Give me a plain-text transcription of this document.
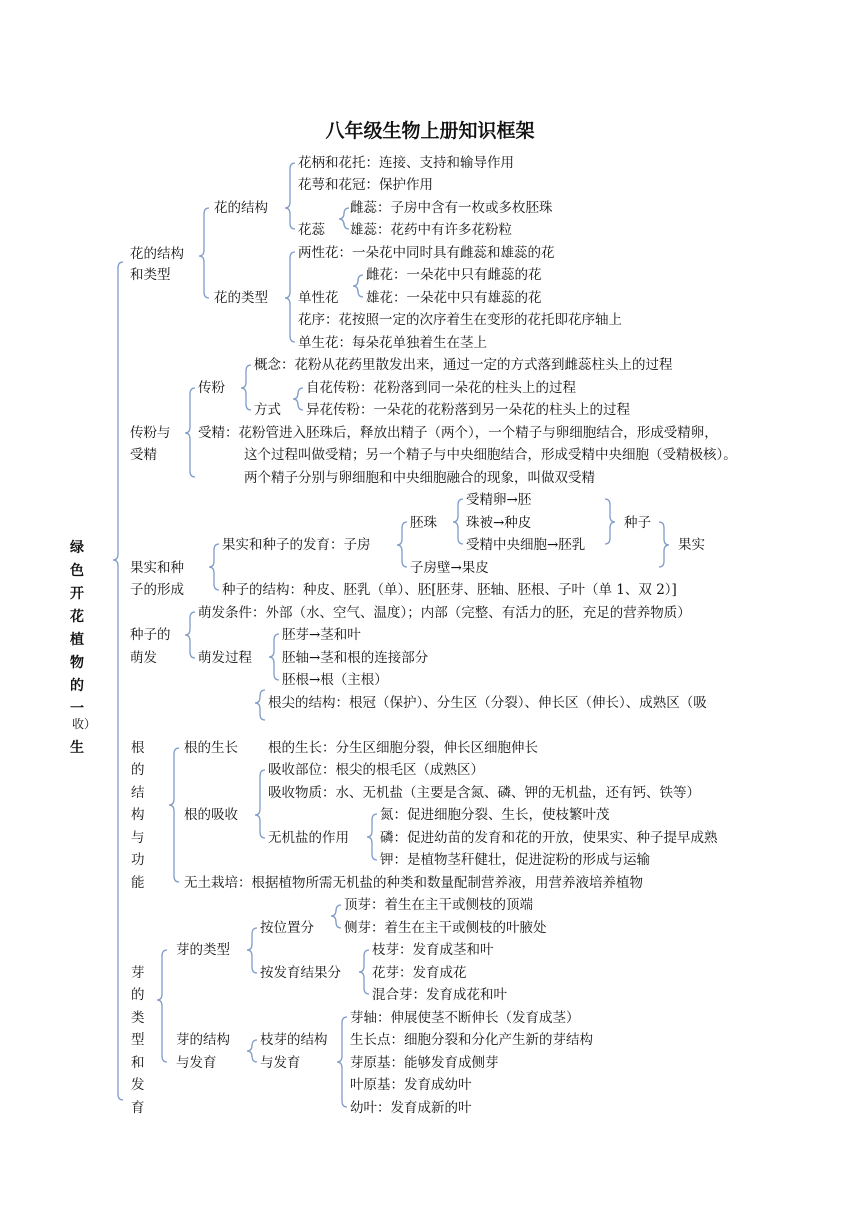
八年级生物上册知识框架
绿
色
开
花
植
物
的
一
收）
生
花的结构
和类型
花的结构
花柄和花托：连接、支持和输导作用
花萼和花冠：保护作用
花蕊
雌蕊：子房中含有一枚或多枚胚珠
雄蕊：花药中有许多花粉粒
花的类型
两性花：一朵花中同时具有雌蕊和雄蕊的花
单性花
雌花：一朵花中只有雌蕊的花
雄花：一朵花中只有雄蕊的花
花序：花按照一定的次序着生在变形的花托即花序轴上
单生花：每朵花单独着生在茎上
传粉与
受精
传粉
概念：花粉从花药里散发出来，通过一定的方式落到雌蕊柱头上的过程
方式
自花传粉：花粉落到同一朵花的柱头上的过程
异花传粉：一朵花的花粉落到另一朵花的柱头上的过程
受精：花粉管进入胚珠后，释放出精子（两个），一个精子与卵细胞结合，形成受精卵，
这个过程叫做受精；另一个精子与中央细胞结合，形成受精中央细胞（受精极核）。
两个精子分别与卵细胞和中央细胞融合的现象，叫做双受精
果实和种
子的形成
果实和种子的发育：子房
胚珠
受精卵→胚
珠被→种皮
受精中央细胞→胚乳
种子
果实
子房壁→果皮
种子的结构：种皮、胚乳（单）、胚[胚芽、胚轴、胚根、子叶（单 1、双 2）]
种子的
萌发
萌发条件：外部（水、空气、温度）；内部（完整、有活力的胚，充足的营养物质）
萌发过程
胚芽→茎和叶
胚轴→茎和根的连接部分
胚根→根（主根）
根尖的结构：根冠（保护）、分生区（分裂）、伸长区（伸长）、成熟区（吸
根
的
结
构
与
功
能
根的生长 根的生长：分生区细胞分裂，伸长区细胞伸长
根的吸收
吸收部位：根尖的根毛区（成熟区）
吸收物质：水、无机盐（主要是含氮、磷、钾的无机盐，还有钙、铁等）
无机盐的作用
氮：促进细胞分裂、生长，使枝繁叶茂
磷：促进幼苗的发育和花的开放，使果实、种子提早成熟
钾：是植物茎秆健壮，促进淀粉的形成与运输
无土栽培：根据植物所需无机盐的种类和数量配制营养液，用营养液培养植物
芽
的
类
型
和
发
育
芽的类型
按位置分
顶芽：着生在主干或侧枝的顶端
侧芽：着生在主干或侧枝的叶腋处
按发育结果分
枝芽：发育成茎和叶
花芽：发育成花
混合芽：发育成花和叶
芽的结构
与发育
枝芽的结构
与发育
芽轴：伸展使茎不断伸长（发育成茎）
生长点：细胞分裂和分化产生新的芽结构
芽原基：能够发育成侧芽
叶原基：发育成幼叶
幼叶：发育成新的叶
